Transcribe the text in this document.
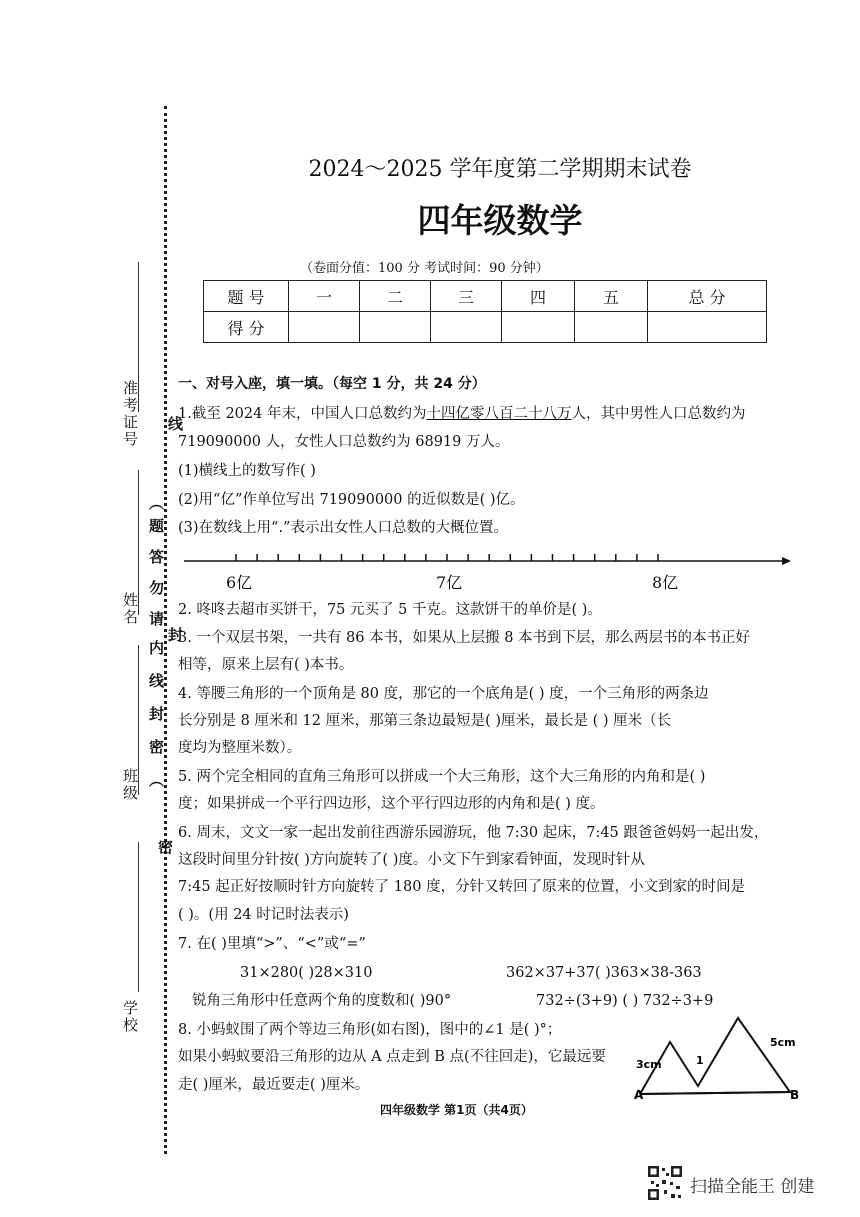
准考证号
姓名
班级
学校
线
（
题答勿请 封
内线封密（
密
2024～2025 学年度第二学期期末试卷
四年级数学
（卷面分值：100 分 考试时间：90 分钟）
题 号	一	二	三	四	五	总 分
得 分						
一、对号入座，填一填。（每空 1 分，共 24 分）
1.截至 2024 年末，中国人口总数约为十四亿零八百二十八万人，其中男性人口总数约为
719090000 人，女性人口总数约为 68919 万人。
(1)横线上的数写作( )
(2)用“亿”作单位写出 719090000 的近似数是( )亿。
(3)在数线上用“.”表示出女性人口总数的大概位置。
6亿	7亿	8亿
2. 咚咚去超市买饼干，75 元买了 5 千克。这款饼干的单价是( )。
3. 一个双层书架，一共有 86 本书，如果从上层搬 8 本书到下层，那么两层书的本书正好
相等，原来上层有( )本书。
4. 等腰三角形的一个顶角是 80 度，那它的一个底角是( ) 度，一个三角形的两条边
长分别是 8 厘米和 12 厘米，那第三条边最短是( )厘米，最长是 ( ) 厘米（长
度均为整厘米数）。
5. 两个完全相同的直角三角形可以拼成一个大三角形，这个大三角形的内角和是( )
度；如果拼成一个平行四边形，这个平行四边形的内角和是( ) 度。
6. 周末，文文一家一起出发前往西游乐园游玩，他 7:30 起床，7:45 跟爸爸妈妈一起出发，
这段时间里分针按( )方向旋转了( )度。小文下午到家看钟面，发现时针从
7:45 起正好按顺时针方向旋转了 180 度，分针又转回了原来的位置，小文到家的时间是
( )。(用 24 时记时法表示)
7. 在( )里填“>”、“<”或“=”
31×280( )28×310	362×37+37( )363×38-363
锐角三角形中任意两个角的度数和( )90°	732÷(3+9) ( ) 732÷3+9
8. 小蚂蚁围了两个等边三角形(如右图)，图中的∠1 是( )°；
如果小蚂蚁要沿三角形的边从 A 点走到 B 点(不往回走)，它最远要
走( )厘米，最近要走( )厘米。
3cm
5cm
1
A	B
四年级数学 第1页（共4页）
扫描全能王 创建
